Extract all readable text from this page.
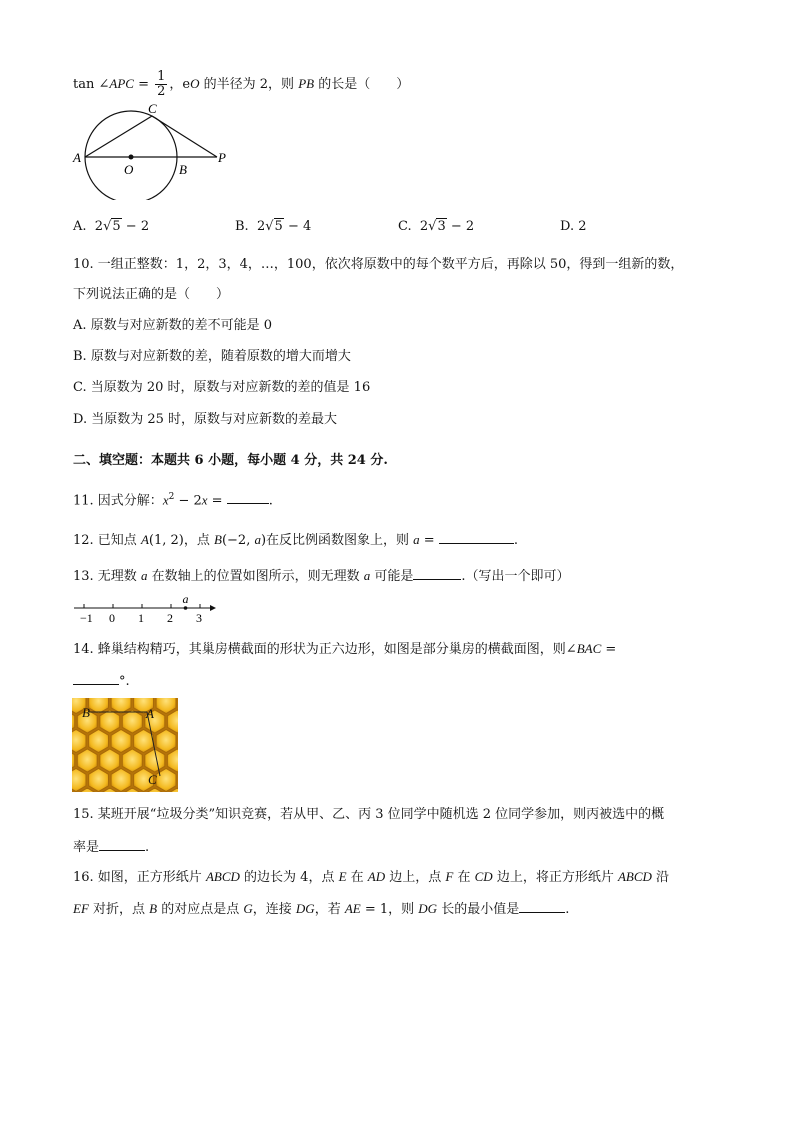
tan ∠APC = $\frac{1}{2}$ ，eO 的半径为 2，则 PB 的长是（　　）
A
C
O	B
P
A. 2√5 − 2	B. 2√5 − 4	C. 2√3 − 2	D. 2
10. 一组正整数：1，2，3，4，…，100，依次将原数中的每个数平方后，再除以 50，得到一组新的数，
下列说法正确的是（　　）
A. 原数与对应新数的差不可能是 0
B. 原数与对应新数的差，随着原数的增大而增大
C. 当原数为 20 时，原数与对应新数的差的值是 16
D. 当原数为 25 时，原数与对应新数的差最大
二、填空题：本题共 6 小题，每小题 4 分，共 24 分.
11. 因式分解：$x^2 - 2x$ =	.
12. 已知点 A(1, 2)，点 B(−2, a)在反比例函数图象上，则 a =	.
13. 无理数 a 在数轴上的位置如图所示，则无理数 a 可能是	.（写出一个即可）
−1 0 1 2 3
a
14. 蜂巢结构精巧，其巢房横截面的形状为正六边形，如图是部分巢房的横截面图，则∠BAC =
°.
B	A
C
15. 某班开展“垃圾分类”知识竞赛，若从甲、乙、丙 3 位同学中随机选 2 位同学参加，则丙被选中的概
率是	.
16. 如图，正方形纸片 ABCD 的边长为 4，点 E 在 AD 边上，点 F 在 CD 边上，将正方形纸片 ABCD 沿
EF 对折，点 B 的对应点是点 G，连接 DG，若 AE = 1，则 DG 长的最小值是	.
